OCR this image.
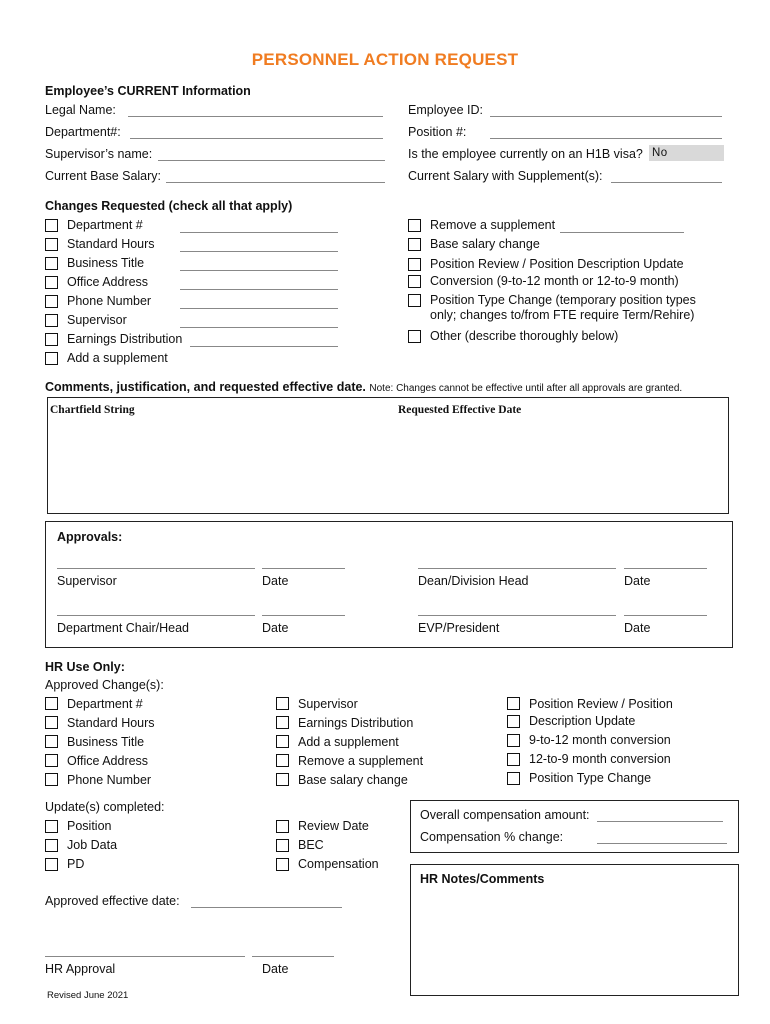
PERSONNEL ACTION REQUEST
Employee’s CURRENT Information
Legal Name:	Employee ID:
Department#:	Position #:
Supervisor’s name:	Is the employee currently on an H1B visa? No
Current Base Salary:	Current Salary with Supplement(s):
Changes Requested (check all that apply)
Department #
Standard Hours
Business Title
Office Address
Phone Number
Supervisor
Earnings Distribution
Add a supplement
Remove a supplement
Base salary change
Position Review / Position Description Update
Conversion (9-to-12 month or 12-to-9 month)
Position Type Change (temporary position types
only; changes to/from FTE require Term/Rehire)
Other (describe thoroughly below)
Comments, justification, and requested effective date. Note: Changes cannot be effective until after all approvals are granted.
Chartfield String	Requested Effective Date
Approvals:
Supervisor	Date	Dean/Division Head	Date
Department Chair/Head	Date	EVP/President	Date
HR Use Only:
Approved Change(s):
Department #
Standard Hours
Business Title
Office Address
Phone Number
Supervisor
Earnings Distribution
Add a supplement
Remove a supplement
Base salary change
Position Review / Position
Description Update
9-to-12 month conversion
12-to-9 month conversion
Position Type Change
Update(s) completed:
Position
Job Data
PD
Review Date
BEC
Compensation
Overall compensation amount:
Compensation % change:
HR Notes/Comments
Approved effective date:
HR Approval	Date
Revised June 2021
